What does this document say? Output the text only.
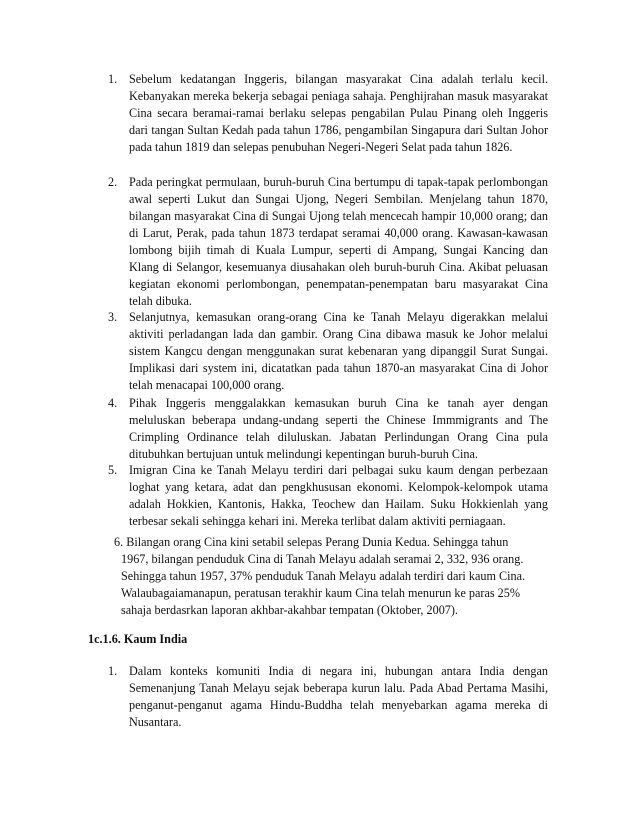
1. Sebelum kedatangan Inggeris, bilangan masyarakat Cina adalah terlalu kecil. Kebanyakan mereka bekerja sebagai peniaga sahaja. Penghijrahan masuk masyarakat Cina secara beramai-ramai berlaku selepas pengabilan Pulau Pinang oleh Inggeris dari tangan Sultan Kedah pada tahun 1786, pengambilan Singapura dari Sultan Johor pada tahun 1819 dan selepas penubuhan Negeri-Negeri Selat pada tahun 1826.
2. Pada peringkat permulaan, buruh-buruh Cina bertumpu di tapak-tapak perlombongan awal seperti Lukut dan Sungai Ujong, Negeri Sembilan. Menjelang tahun 1870, bilangan masyarakat Cina di Sungai Ujong telah mencecah hampir 10,000 orang; dan di Larut, Perak, pada tahun 1873 terdapat seramai 40,000 orang. Kawasan-kawasan lombong bijih timah di Kuala Lumpur, seperti di Ampang, Sungai Kancing dan Klang di Selangor, kesemuanya diusahakan oleh buruh-buruh Cina. Akibat peluasan kegiatan ekonomi perlombongan, penempatan-penempatan baru masyarakat Cina telah dibuka.
3. Selanjutnya, kemasukan orang-orang Cina ke Tanah Melayu digerakkan melalui aktiviti perladangan lada dan gambir. Orang Cina dibawa masuk ke Johor melalui sistem Kangcu dengan menggunakan surat kebenaran yang dipanggil Surat Sungai. Implikasi dari system ini, dicatatkan pada tahun 1870-an masyarakat Cina di Johor telah menacapai 100,000 orang.
4. Pihak Inggeris menggalakkan kemasukan buruh Cina ke tanah ayer dengan meluluskan beberapa undang-undang seperti the Chinese Immmigrants and The Crimpling Ordinance telah diluluskan. Jabatan Perlindungan Orang Cina pula ditubuhkan bertujuan untuk melindungi kepentingan buruh-buruh Cina.
5. Imigran Cina ke Tanah Melayu terdiri dari pelbagai suku kaum dengan perbezaan loghat yang ketara, adat dan pengkhususan ekonomi. Kelompok-kelompok utama adalah Hokkien, Kantonis, Hakka, Teochew dan Hailam. Suku Hokkienlah yang terbesar sekali sehingga kehari ini. Mereka terlibat dalam aktiviti perniagaan.
6. Bilangan orang Cina kini setabil selepas Perang Dunia Kedua. Sehingga tahun
1967, bilangan penduduk Cina di Tanah Melayu adalah seramai 2, 332, 936 orang.
Sehingga tahun 1957, 37% penduduk Tanah Melayu adalah terdiri dari kaum Cina.
Walaubagaiamanapun, peratusan terakhir kaum Cina telah menurun ke paras 25%
sahaja berdasrkan laporan akhbar-akahbar tempatan (Oktober, 2007).
1c.1.6. Kaum India
1. Dalam konteks komuniti India di negara ini, hubungan antara India dengan Semenanjung Tanah Melayu sejak beberapa kurun lalu. Pada Abad Pertama Masihi, penganut-penganut agama Hindu-Buddha telah menyebarkan agama mereka di Nusantara.
